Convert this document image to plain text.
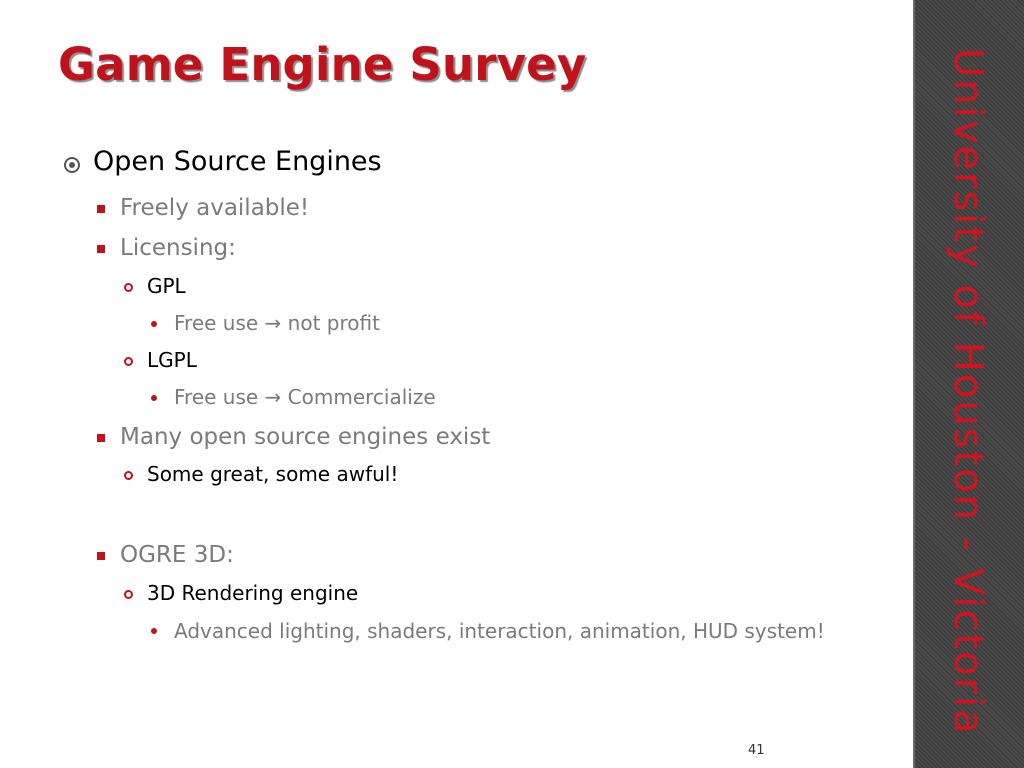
Game Engine Survey	University of Houston - Victoria
Open Source Engines
Freely available!
Licensing:
GPL
Free use → not profit
LGPL
Free use → Commercialize
Many open source engines exist
Some great, some awful!
OGRE 3D:
3D Rendering engine
Advanced lighting, shaders, interaction, animation, HUD system!
41
